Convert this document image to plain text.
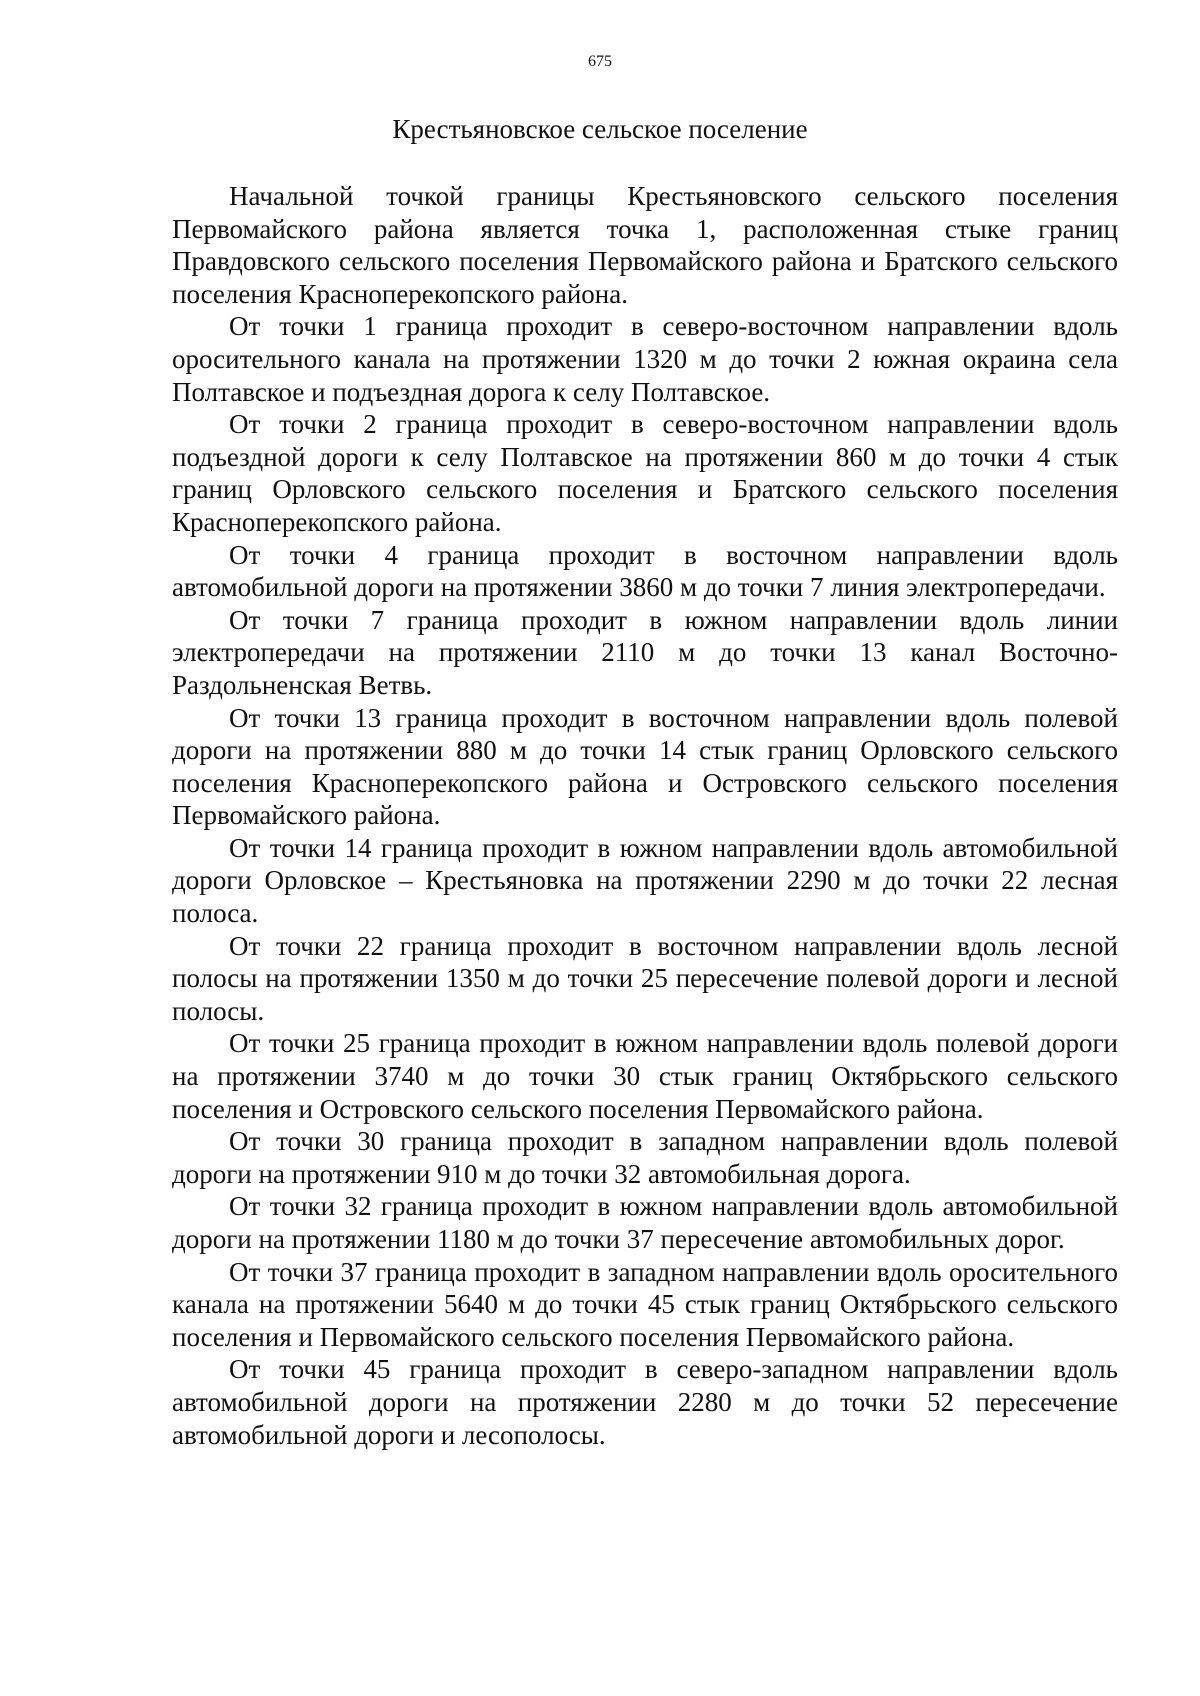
675
Крестьяновское сельское поселение

Начальной точкой границы Крестьяновского сельского поселения Первомайского района является точка 1, расположенная стыке границ Правдовского сельского поселения Первомайского района и Братского сельского поселения Красноперекопского района.

От точки 1 граница проходит в северо-восточном направлении вдоль оросительного канала на протяжении 1320 м до точки 2 южная окраина села Полтавское и подъездная дорога к селу Полтавское.

От точки 2 граница проходит в северо-восточном направлении вдоль подъездной дороги к селу Полтавское на протяжении 860 м до точки 4 стык границ Орловского сельского поселения и Братского сельского поселения Красноперекопского района.

От точки 4 граница проходит в восточном направлении вдоль автомобильной дороги на протяжении 3860 м до точки 7 линия электропередачи.

От точки 7 граница проходит в южном направлении вдоль линии электропередачи на протяжении 2110 м до точки 13 канал Восточно-Раздольненская Ветвь.

От точки 13 граница проходит в восточном направлении вдоль полевой дороги на протяжении 880 м до точки 14 стык границ Орловского сельского поселения Красноперекопского района и Островского сельского поселения Первомайского района.

От точки 14 граница проходит в южном направлении вдоль автомобильной дороги Орловское – Крестьяновка на протяжении 2290 м до точки 22 лесная полоса.

От точки 22 граница проходит в восточном направлении вдоль лесной полосы на протяжении 1350 м до точки 25 пересечение полевой дороги и лесной полосы.

От точки 25 граница проходит в южном направлении вдоль полевой дороги на протяжении 3740 м до точки 30 стык границ Октябрьского сельского поселения и Островского сельского поселения Первомайского района.

От точки 30 граница проходит в западном направлении вдоль полевой дороги на протяжении 910 м до точки 32 автомобильная дорога.

От точки 32 граница проходит в южном направлении вдоль автомобильной дороги на протяжении 1180 м до точки 37 пересечение автомобильных дорог.

От точки 37 граница проходит в западном направлении вдоль оросительного канала на протяжении 5640 м до точки 45 стык границ Октябрьского сельского поселения и Первомайского сельского поселения Первомайского района.

От точки 45 граница проходит в северо-западном направлении вдоль автомобильной дороги на протяжении 2280 м до точки 52 пересечение автомобильной дороги и лесополосы.
